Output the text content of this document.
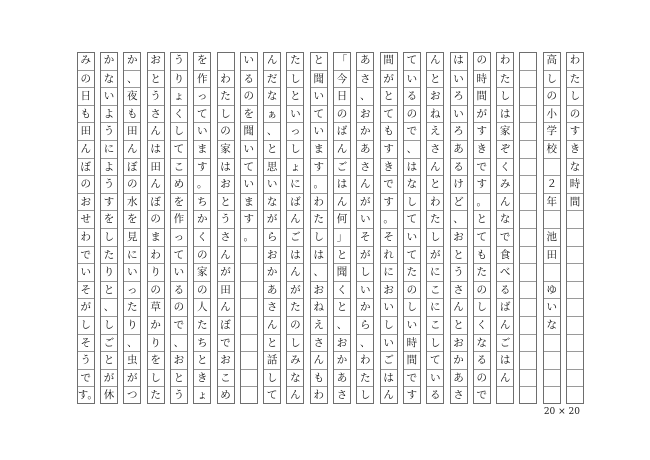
わ
た
し
の
す
き
な
時
間
高
し
の
小
学
校
２
年
池
田
ゆ
い
な
わ
た
し
は
家
ぞ
く
み
ん
な
で
食
べ
る
ば
ん
ご
は
ん
の
時
間
が
す
き
で
す
。
と
て
も
た
の
し
く
な
る
の
で
は
い
ろ
い
ろ
あ
る
け
ど
、
お
と
う
さ
ん
と
お
か
あ
さ
ん
と
お
ね
え
さ
ん
と
わ
た
し
が
に
こ
に
こ
し
て
い
る
て
い
る
の
で
、
は
な
し
て
い
て
た
の
し
い
時
間
で
す
間
が
と
て
も
す
き
で
す
。
そ
れ
に
お
い
し
い
ご
は
ん
あ
さ
、
お
か
あ
さ
ん
が
い
そ
が
し
い
か
ら
、
わ
た
し
「
今
日
の
ば
ん
ご
は
ん
何
」
と
聞
く
と
、
お
か
あ
さ
と
聞
い
て
い
ま
す
。
わ
た
し
は
、
お
ね
え
さ
ん
も
わ
た
し
と
い
っ
し
ょ
に
ば
ん
ご
は
ん
が
た
の
し
み
な
ん
ん
だ
な
ぁ
、
と
思
い
な
が
ら
お
か
あ
さ
ん
と
話
し
て
い
る
の
を
聞
い
て
い
ま
す
。
わ
た
し
の
家
は
お
と
う
さ
ん
が
田
ん
ぼ
で
お
こ
め
を
作
っ
て
い
ま
す
。
ち
か
く
の
家
の
人
た
ち
と
き
ょ
う
り
ょ
く
し
て
こ
め
を
作
っ
て
い
る
の
で
、
お
と
う
お
と
う
さ
ん
は
田
ん
ぼ
の
ま
わ
り
の
草
か
り
を
し
た
か
、
夜
も
田
ん
ぼ
の
水
を
見
に
い
っ
た
り
、
虫
が
つ
か
な
い
よ
う
に
よ
う
す
を
し
た
り
と
、
し
ご
と
が
休
み
の
日
も
田
ん
ぼ
の
お
せ
わ
で
い
そ
が
し
そ
う
で
す。
20 × 20
